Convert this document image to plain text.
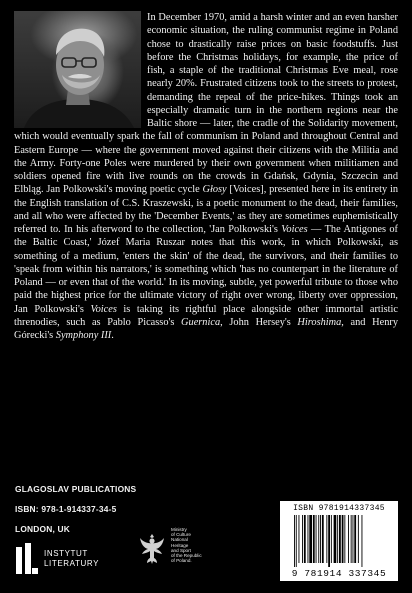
In December 1970, amid a harsh winter and an even harsher economic situation, the ruling communist regime in Poland chose to drastically raise prices on basic foodstuffs. Just before the Christmas holidays, for example, the price of fish, a staple of the traditional Christmas Eve meal, rose nearly 20%. Frustrated citizens took to the streets to protest, demanding the repeal of the price-hikes. Things took an especially dramatic turn in the northern regions near the Baltic shore — later, the cradle of the Solidarity movement, which would eventually spark the fall of communism in Poland and throughout Central and Eastern Europe — where the government moved against their citizens with the Militia and the Army. Forty-one Poles were murdered by their own government when militiamen and soldiers opened fire with live rounds on the crowds in Gdańsk, Gdynia, Szczecin and Elbląg. Jan Polkowski's moving poetic cycle Głosy [Voices], presented here in its entirety in the English translation of C.S. Kraszewski, is a poetic monument to the dead, their families, and all who were affected by the 'December Events,' as they are sometimes euphemistically referred to. In his afterword to the collection, 'Jan Polkowski's Voices — The Antigones of the Baltic Coast,' Józef Maria Ruszar notes that this work, in which Polkowski, as something of a medium, 'enters the skin' of the dead, the survivors, and their families to 'speak from within his narrators,' is something which 'has no counterpart in the literature of Poland — or even that of the world.' In its moving, subtle, yet powerful tribute to those who paid the highest price for the ultimate victory of right over wrong, liberty over oppression, Jan Polkowski's Voices is taking its rightful place alongside other immortal artistic threnodies, such as Pablo Picasso's Guernica, John Hersey's Hiroshima, and Henry Górecki's Symphony III.

GLAGOSLAV PUBLICATIONS
ISBN: 978-1-914337-34-5
LONDON, UK
INSTYTUT
LITERATURY
Ministry
of Culture
National
Heritage
and Sport
of the Republic
of Poland.
ISBN 9781914337345
9 781914 337345
